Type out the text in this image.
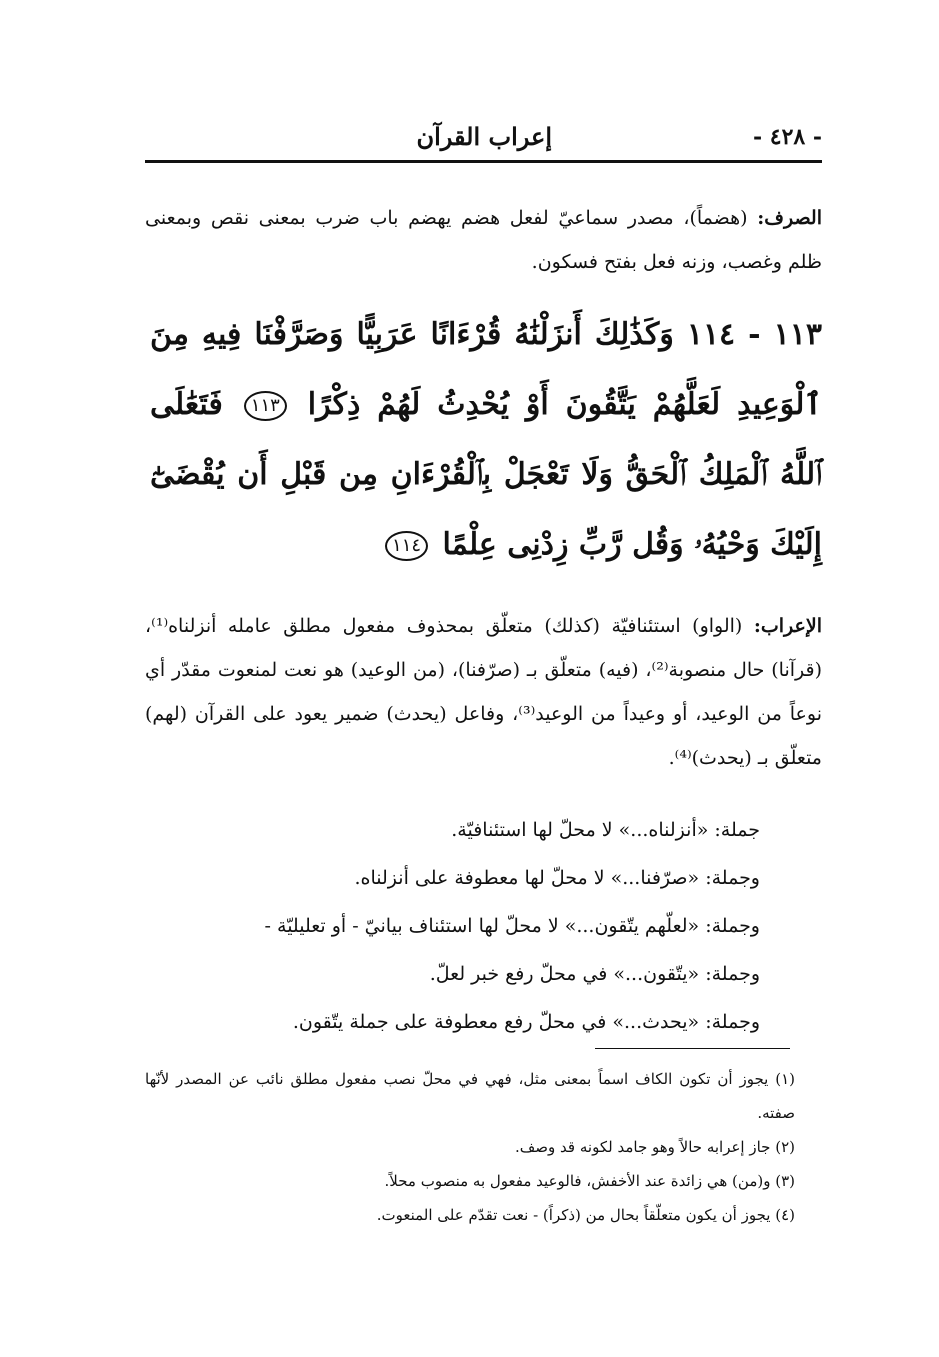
- ٤٢٨ -
إعراب القرآن
الصرف: (هضماً)، مصدر سماعيّ لفعل هضم يهضم باب ضرب بمعنى نقص وبمعنى ظلم وغصب، وزنه فعل بفتح فسكون.
١١٣ - ١١٤ وَكَذَٰلِكَ أَنزَلْنَٰهُ قُرْءَانًا عَرَبِيًّا وَصَرَّفْنَا فِيهِ مِنَ ٱلْوَعِيدِ لَعَلَّهُمْ يَتَّقُونَ أَوْ يُحْدِثُ لَهُمْ ذِكْرًا ١١٣ فَتَعَٰلَى ٱللَّهُ ٱلْمَلِكُ ٱلْحَقُّ وَلَا تَعْجَلْ بِٱلْقُرْءَانِ مِن قَبْلِ أَن يُقْضَىٰٓ إِلَيْكَ وَحْيُهُۥ وَقُل رَّبِّ زِدْنِى عِلْمًا ١١٤
الإعراب: (الواو) استئنافيّة (كذلك) متعلّق بمحذوف مفعول مطلق عامله أنزلناه⁽¹⁾، (قرآنا) حال منصوبة⁽²⁾، (فيه) متعلّق بـ (صرّفنا)، (من الوعيد) هو نعت لمنعوت مقدّر أي نوعاً من الوعيد، أو وعيداً من الوعيد⁽³⁾، وفاعل (يحدث) ضمير يعود على القرآن (لهم) متعلّق بـ (يحدث)⁽⁴⁾.
جملة: «أنزلناه...» لا محلّ لها استئنافيّة.
وجملة: «صرّفنا...» لا محلّ لها معطوفة على أنزلناه.
وجملة: «لعلّهم يتّقون...» لا محلّ لها استئناف بيانيّ - أو تعليليّة -
وجملة: «يتّقون...» في محلّ رفع خبر لعلّ.
وجملة: «يحدث...» في محلّ رفع معطوفة على جملة يتّقون.
(١) يجوز أن تكون الكاف اسماً بمعنى مثل، فهي في محلّ نصب مفعول مطلق نائب عن المصدر لأنّها صفته.
(٢) جاز إعرابه حالاً وهو جامد لكونه قد وصف.
(٣) و(من) هي زائدة عند الأخفش، فالوعيد مفعول به منصوب محلاً.
(٤) يجوز أن يكون متعلّقاً بحال من (ذكراً) - نعت تقدّم على المنعوت.
